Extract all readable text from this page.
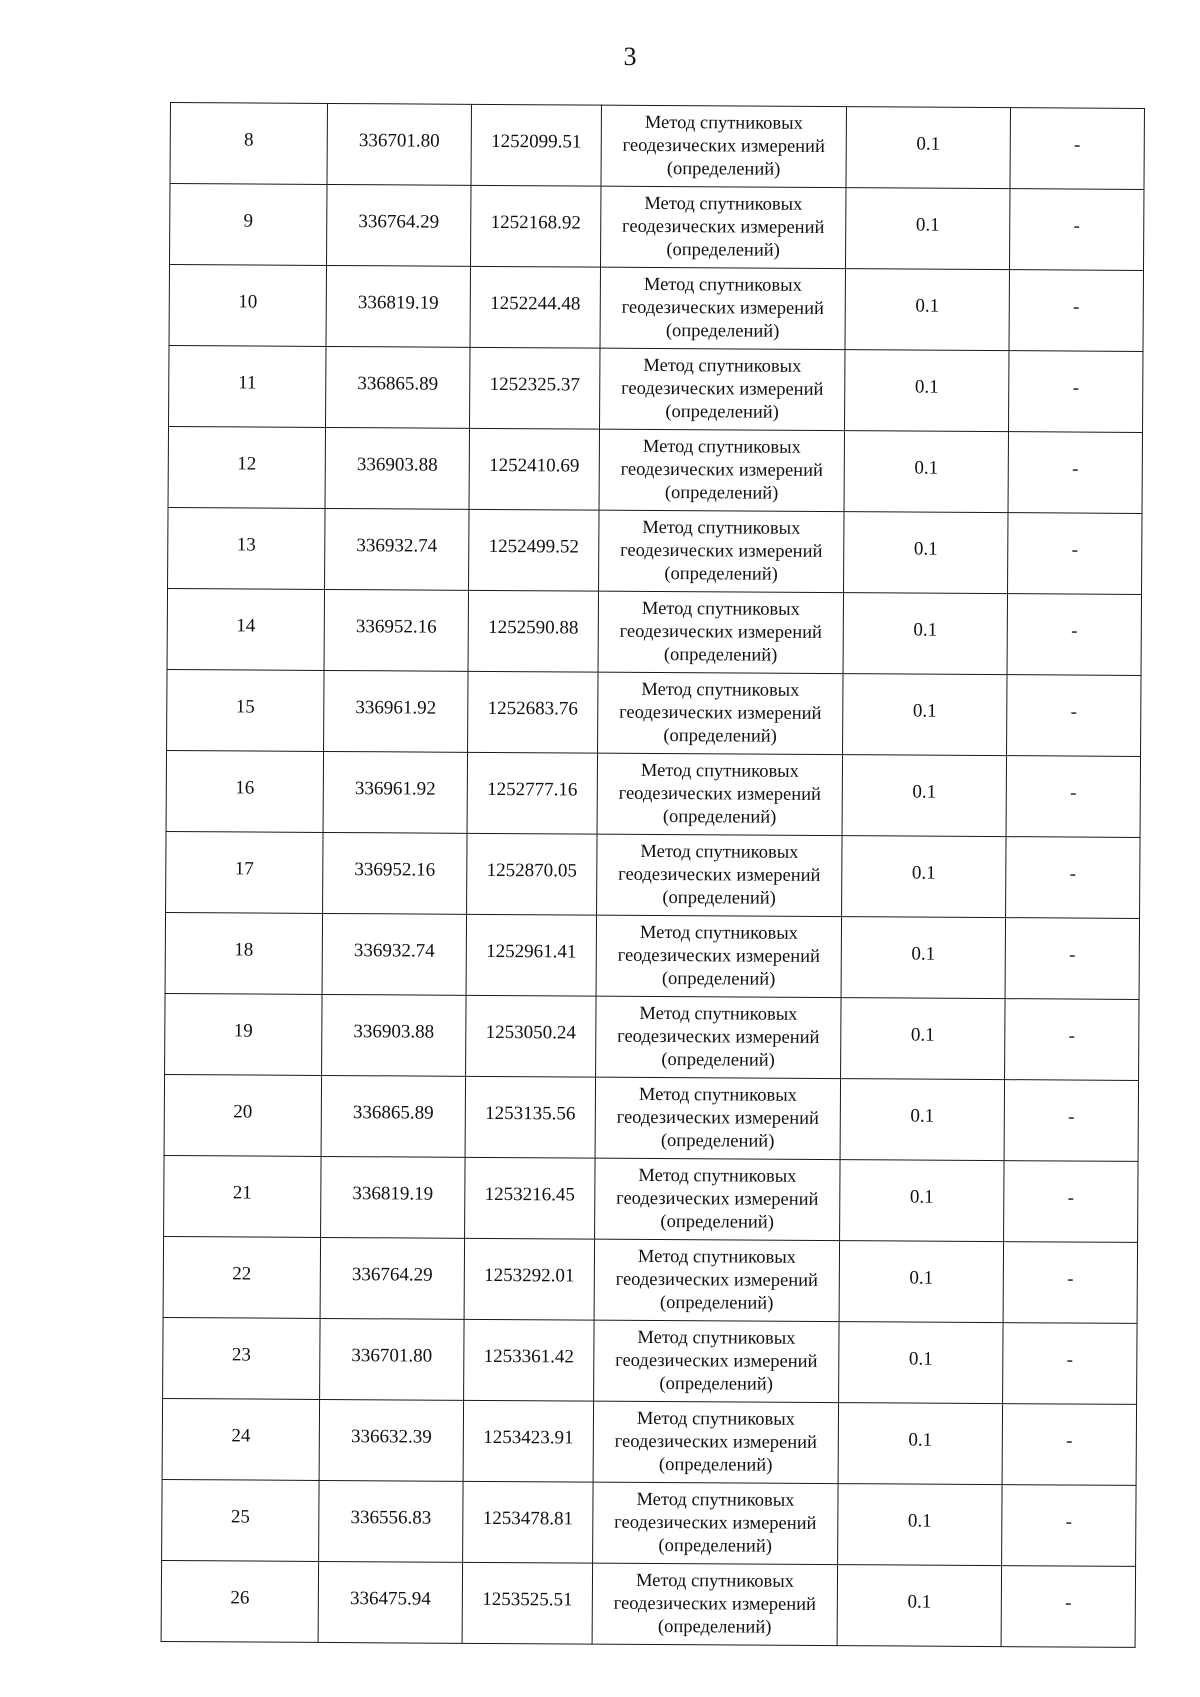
3
8	336701.80	1252099.51	Метод спутниковых
геодезических измерений
(определений)	0.1	-
9	336764.29	1252168.92	Метод спутниковых
геодезических измерений
(определений)	0.1	-
10	336819.19	1252244.48	Метод спутниковых
геодезических измерений
(определений)	0.1	-
11	336865.89	1252325.37	Метод спутниковых
геодезических измерений
(определений)	0.1	-
12	336903.88	1252410.69	Метод спутниковых
геодезических измерений
(определений)	0.1	-
13	336932.74	1252499.52	Метод спутниковых
геодезических измерений
(определений)	0.1	-
14	336952.16	1252590.88	Метод спутниковых
геодезических измерений
(определений)	0.1	-
15	336961.92	1252683.76	Метод спутниковых
геодезических измерений
(определений)	0.1	-
16	336961.92	1252777.16	Метод спутниковых
геодезических измерений
(определений)	0.1	-
17	336952.16	1252870.05	Метод спутниковых
геодезических измерений
(определений)	0.1	-
18	336932.74	1252961.41	Метод спутниковых
геодезических измерений
(определений)	0.1	-
19	336903.88	1253050.24	Метод спутниковых
геодезических измерений
(определений)	0.1	-
20	336865.89	1253135.56	Метод спутниковых
геодезических измерений
(определений)	0.1	-
21	336819.19	1253216.45	Метод спутниковых
геодезических измерений
(определений)	0.1	-
22	336764.29	1253292.01	Метод спутниковых
геодезических измерений
(определений)	0.1	-
23	336701.80	1253361.42	Метод спутниковых
геодезических измерений
(определений)	0.1	-
24	336632.39	1253423.91	Метод спутниковых
геодезических измерений
(определений)	0.1	-
25	336556.83	1253478.81	Метод спутниковых
геодезических измерений
(определений)	0.1	-
26	336475.94	1253525.51	Метод спутниковых
геодезических измерений
(определений)	0.1	-
